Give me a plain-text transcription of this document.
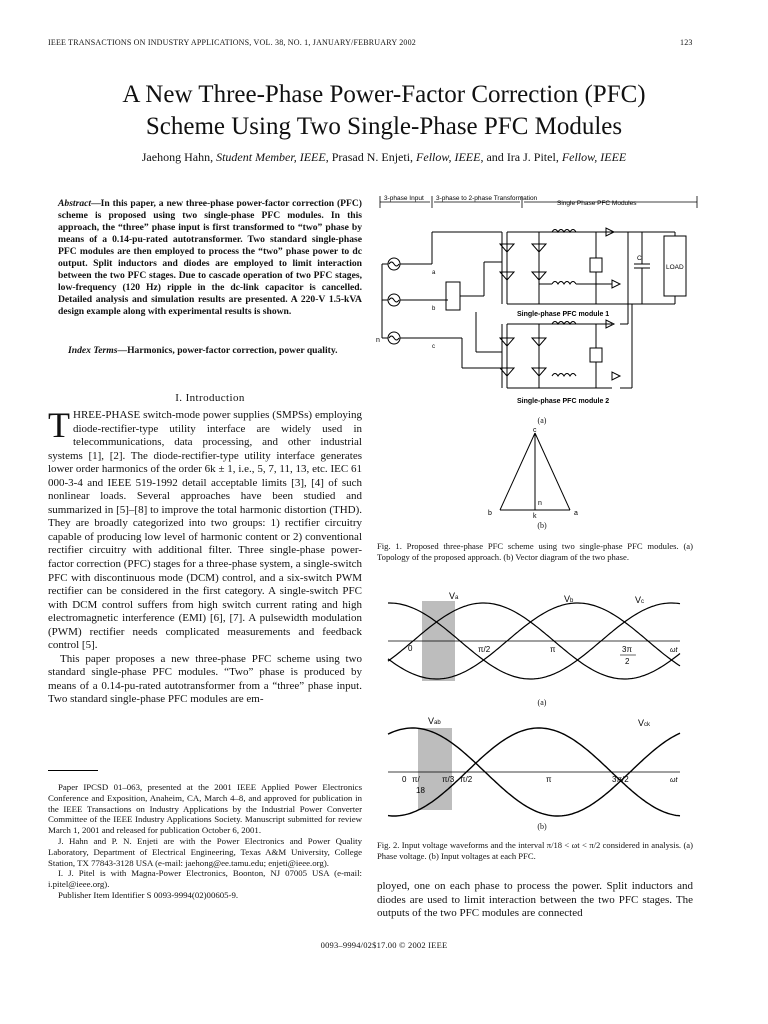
IEEE TRANSACTIONS ON INDUSTRY APPLICATIONS, VOL. 38, NO. 1, JANUARY/FEBRUARY 2002	123
A New Three-Phase Power-Factor Correction (PFC)
Scheme Using Two Single-Phase PFC Modules
Jaehong Hahn, Student Member, IEEE, Prasad N. Enjeti, Fellow, IEEE, and Ira J. Pitel, Fellow, IEEE
Abstract—In this paper, a new three-phase power-factor correction (PFC) scheme is proposed using two single-phase PFC modules. In this approach, the “three” phase input is first transformed to “two” phase by means of a 0.14-pu-rated autotransformer. Two standard single-phase PFC modules are then employed to process the “two” phase power to dc output. Split inductors and diodes are employed to limit interaction between the two PFC stages. Due to cascade operation of two PFC stages, low-frequency (120 Hz) ripple in the dc-link capacitor is cancelled. Detailed analysis and simulation results are presented. A 220-V 1.5-kVA design example along with experimental results is shown.
Index Terms—Harmonics, power-factor correction, power quality.
I. Introduction
THREE-PHASE switch-mode power supplies (SMPSs) employing diode-rectifier-type utility interface are widely used in telecommunications, data processing, and other industrial systems [1], [2]. The diode-rectifier-type utility interface generates lower order harmonics of the order 6k ± 1, i.e., 5, 7, 11, 13, etc. IEC 61 000-3-4 and IEEE 519-1992 detail acceptable limits [3], [4] of such nonlinear loads. Several approaches have been studied and summarized in [5]–[8] to improve the total harmonic distortion (THD). They are broadly categorized into two groups: 1) rectifier circuitry capable of producing low level of harmonic content or 2) conventional rectifier circuitry with additional filter. Three single-phase power-factor correction (PFC) stages for a three-phase system, a single-switch PFC with discontinuous mode (DCM) control, and a six-switch PWM rectifier can be considered in the first category. A single-switch PFC with DCM control suffers from high switch current rating and high electromagnetic interference (EMI) [6], [7]. A pulsewidth modulation (PWM) rectifier needs complicated measurements and feedback control [5].
This paper proposes a new three-phase PFC scheme using two standard single-phase PFC modules. “Two” phase is produced by means of a 0.14-pu-rated autotransformer from a “three” phase input. Two standard single-phase PFC modules are em-

Paper IPCSD 01–063, presented at the 2001 IEEE Applied Power Electronics Conference and Exposition, Anaheim, CA, March 4–8, and approved for publication in the IEEE Transactions on Industry Applications by the Industrial Power Converter Committee of the IEEE Industry Applications Society. Manuscript submitted for review March 1, 2001 and released for publication October 6, 2001.

J. Hahn and P. N. Enjeti are with the Power Electronics and Power Quality Laboratory, Department of Electrical Engineering, Texas A&M University, College Station, TX 77843-3128 USA (e-mail: jaehong@ee.tamu.edu; enjeti@ieee.org).

I. J. Pitel is with Magna-Power Electronics, Boonton, NJ 07005 USA (e-mail: i.pitel@ieee.org).

Publisher Item Identifier S 0093-9994(02)00605-9.

3-phase Input 3-phase to 2-phase Transformation
Single Phase PFC Modules
n
a
b
c
C
LOAD
Single-phase PFC module 1
Single-phase PFC module 2
(a)
c
n
k
b	a
(b)
Fig. 1. Proposed three-phase PFC scheme using two single-phase PFC modules. (a) Topology of the proposed approach. (b) Vector diagram of the two phase.
Va	Vb	Vc
0	π/2	π	3π
2
ωt
(a)
Vab	Vck
0 π/
18
π/3 π/2	π	3π/2	ωt
(b)
Fig. 2. Input voltage waveforms and the interval π/18 < ωt < π/2 considered in analysis. (a) Phase voltage. (b) Input voltages at each PFC.
ployed, one on each phase to process the power. Split inductors and diodes are used to limit interaction between the two PFC stages. The outputs of the two PFC modules are connected
0093–9994/02$17.00 © 2002 IEEE
